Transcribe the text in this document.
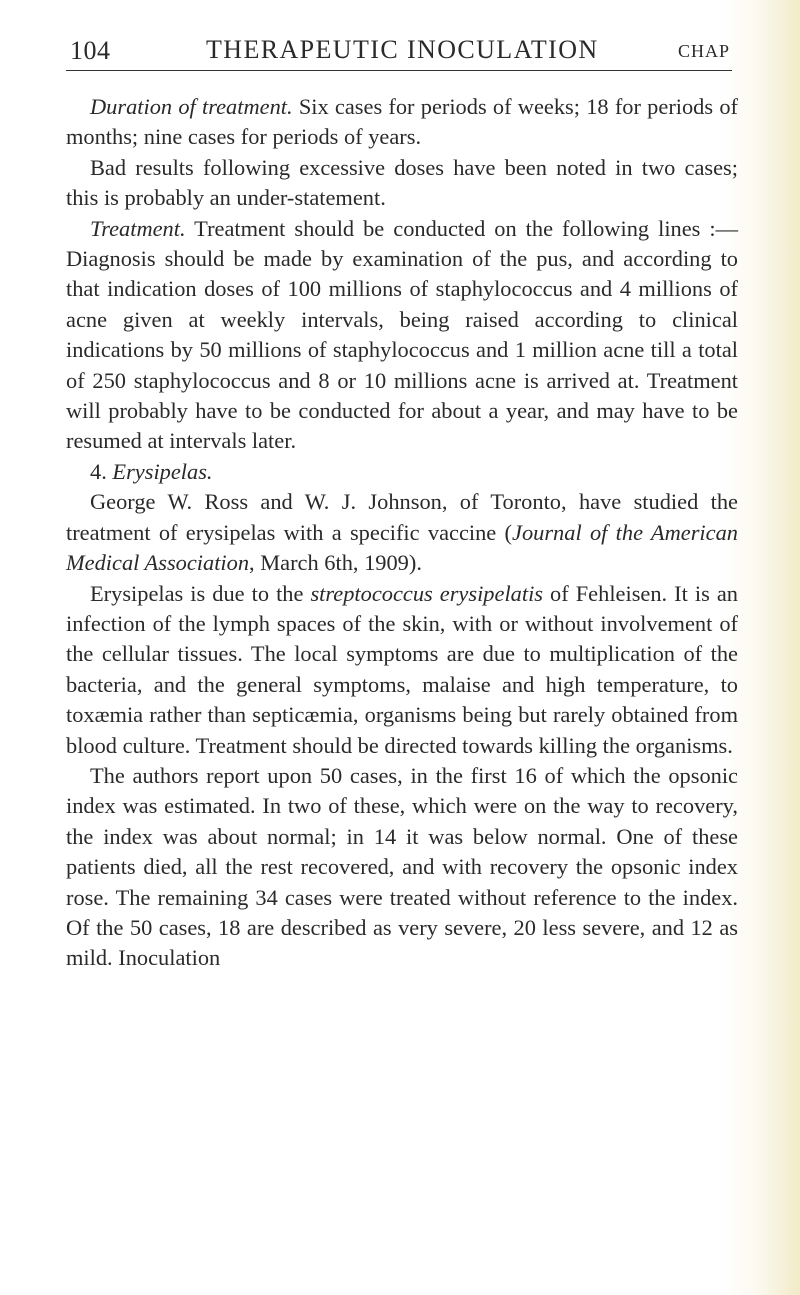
104	THERAPEUTIC INOCULATION	CHAP

Duration of treatment. Six cases for periods of weeks; 18 for periods of months; nine cases for periods of years.

Bad results following excessive doses have been noted in two cases; this is probably an under-statement.

Treatment. Treatment should be conducted on the following lines :—Diagnosis should be made by examination of the pus, and according to that indication doses of 100 millions of staphylococcus and 4 millions of acne given at weekly intervals, being raised according to clinical indications by 50 millions of staphylococcus and 1 million acne till a total of 250 staphylococcus and 8 or 10 millions acne is arrived at. Treatment will probably have to be conducted for about a year, and may have to be resumed at intervals later.

4. Erysipelas.

George W. Ross and W. J. Johnson, of Toronto, have studied the treatment of erysipelas with a specific vaccine (Journal of the American Medical Association, March 6th, 1909).

Erysipelas is due to the streptococcus erysipelatis of Fehleisen. It is an infection of the lymph spaces of the skin, with or without involvement of the cellular tissues. The local symptoms are due to multiplication of the bacteria, and the general symptoms, malaise and high temperature, to toxæmia rather than septicæmia, organisms being but rarely obtained from blood culture. Treatment should be directed towards killing the organisms.

The authors report upon 50 cases, in the first 16 of which the opsonic index was estimated. In two of these, which were on the way to recovery, the index was about normal; in 14 it was below normal. One of these patients died, all the rest recovered, and with recovery the opsonic index rose. The remaining 34 cases were treated without reference to the index. Of the 50 cases, 18 are described as very severe, 20 less severe, and 12 as mild. Inoculation
